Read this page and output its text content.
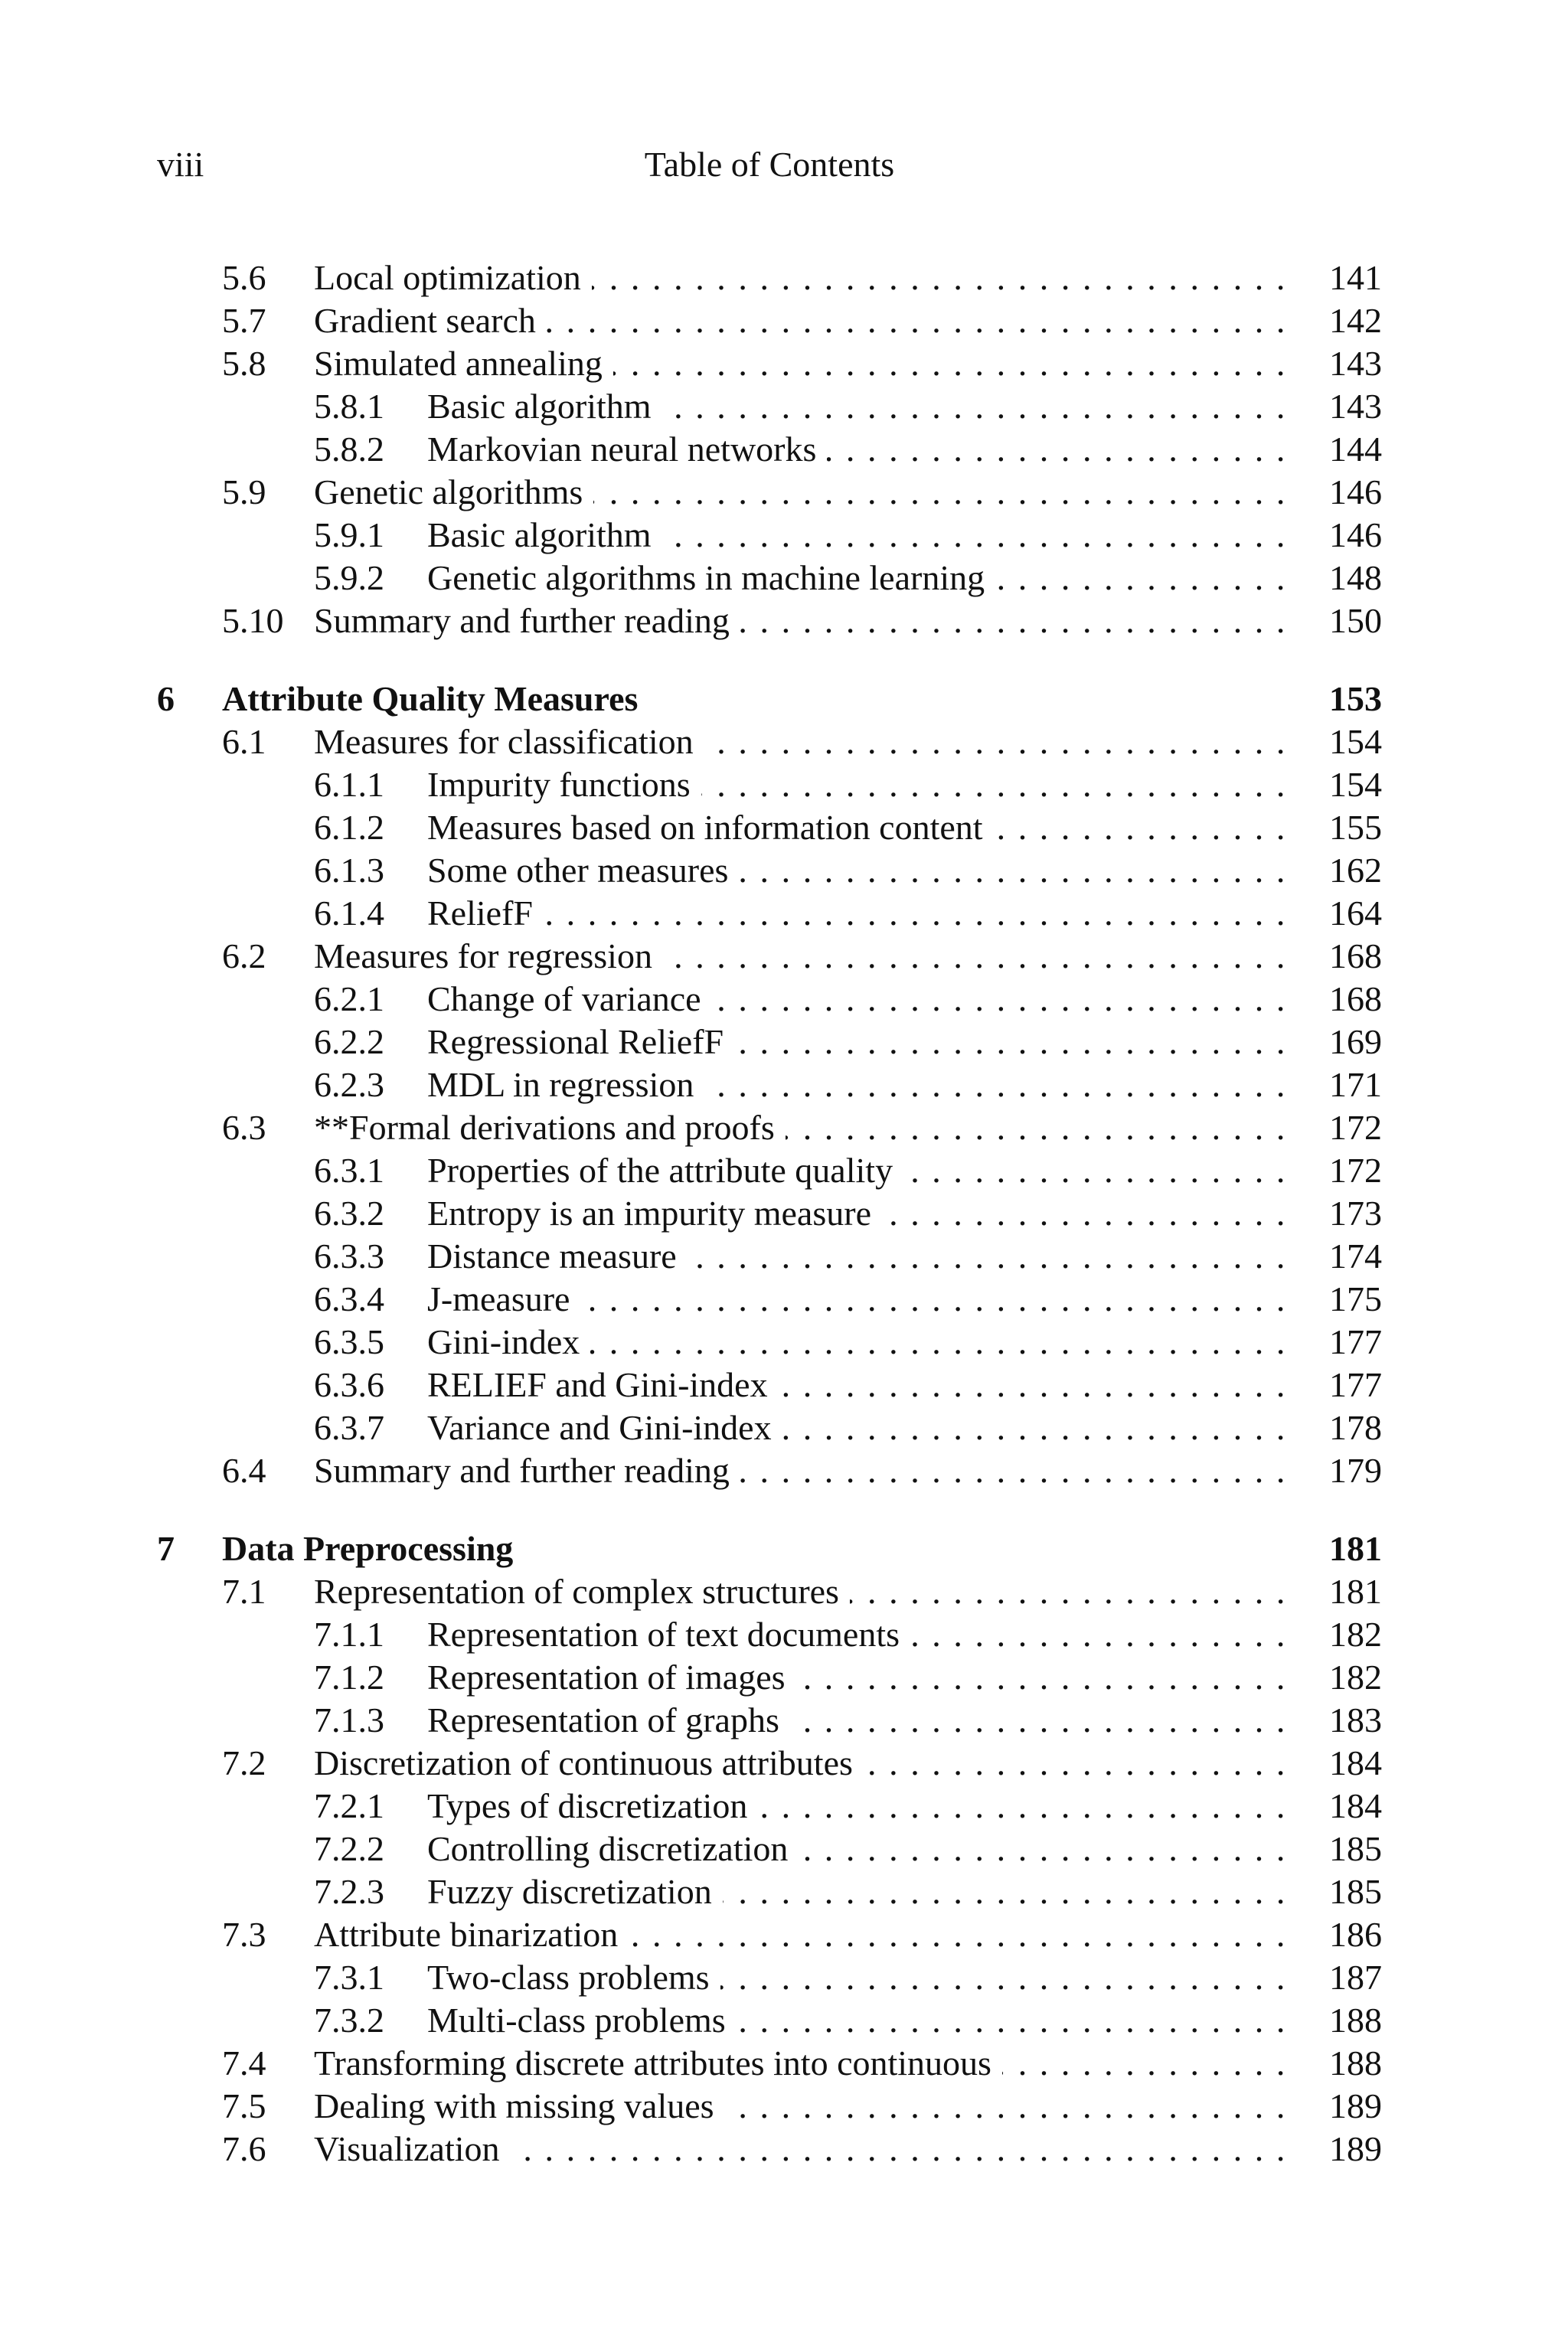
viii	Table of Contents
5.6 Local optimization .....	141
5.7 Gradient search .....	142
5.8 Simulated annealing .....	143
5.8.1 Basic algorithm .....	143
5.8.2 Markovian neural networks .....	144
5.9 Genetic algorithms .....	146
5.9.1 Basic algorithm .....	146
5.9.2 Genetic algorithms in machine learning .....	148
5.10 Summary and further reading .....	150
6 Attribute Quality Measures	153
6.1 Measures for classification .....	154
6.1.1 Impurity functions .....	154
6.1.2 Measures based on information content .....	155
6.1.3 Some other measures .....	162
6.1.4 ReliefF .....	164
6.2 Measures for regression .....	168
6.2.1 Change of variance .....	168
6.2.2 Regressional ReliefF .....	169
6.2.3 MDL in regression .....	171
6.3 **Formal derivations and proofs .....	172
6.3.1 Properties of the attribute quality .....	172
6.3.2 Entropy is an impurity measure .....	173
6.3.3 Distance measure .....	174
6.3.4 J-measure .....	175
6.3.5 Gini-index .....	177
6.3.6 RELIEF and Gini-index .....	177
6.3.7 Variance and Gini-index .....	178
6.4 Summary and further reading .....	179
7 Data Preprocessing	181
7.1 Representation of complex structures .....	181
7.1.1 Representation of text documents .....	182
7.1.2 Representation of images .....	182
7.1.3 Representation of graphs .....	183
7.2 Discretization of continuous attributes .....	184
7.2.1 Types of discretization .....	184
7.2.2 Controlling discretization .....	185
7.2.3 Fuzzy discretization .....	185
7.3 Attribute binarization .....	186
7.3.1 Two-class problems .....	187
7.3.2 Multi-class problems .....	188
7.4 Transforming discrete attributes into continuous .....	188
7.5 Dealing with missing values .....	189
7.6 Visualization .....	189
